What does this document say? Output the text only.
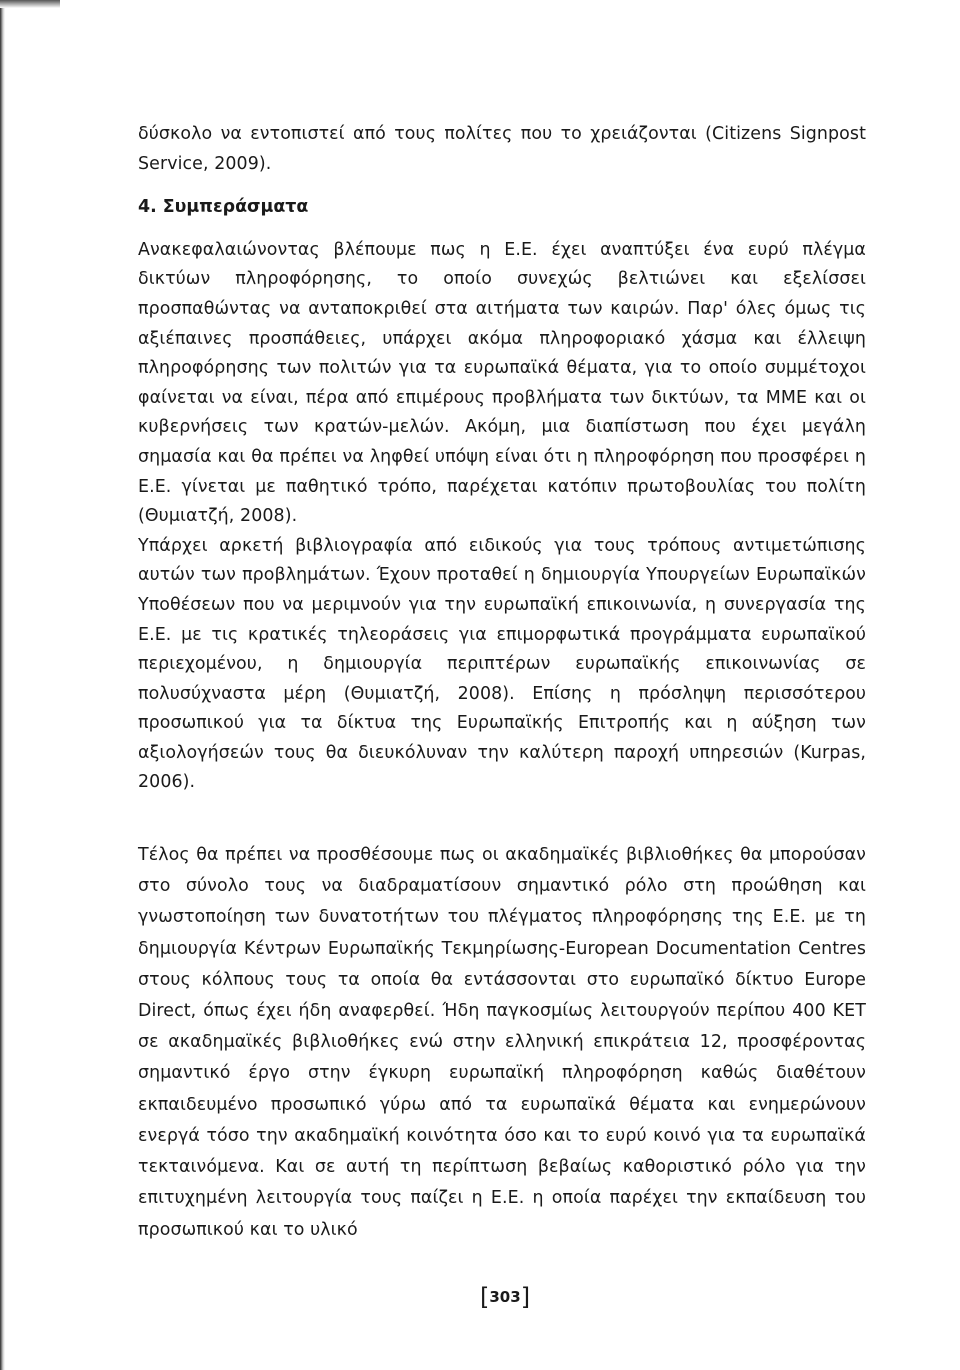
δύσκολο να εντοπιστεί από τους πολίτες που το χρειάζονται (Citizens Signpost Service, 2009).

4. Συμπεράσματα

Ανακεφαλαιώνοντας βλέπουμε πως η Ε.Ε. έχει αναπτύξει ένα ευρύ πλέγμα δικτύων πληροφόρησης, το οποίο συνεχώς βελτιώνει και εξελίσσει προσπαθώντας να ανταποκριθεί στα αιτήματα των καιρών. Παρ' όλες όμως τις αξιέπαινες προσπάθειες, υπάρχει ακόμα πληροφοριακό χάσμα και έλλειψη πληροφόρησης των πολιτών για τα ευρωπαϊκά θέματα, για το οποίο συμμέτοχοι φαίνεται να είναι, πέρα από επιμέρους προβλήματα των δικτύων, τα ΜΜΕ και οι κυβερνήσεις των κρατών-μελών. Ακόμη, μια διαπίστωση που έχει μεγάλη σημασία και θα πρέπει να ληφθεί υπόψη είναι ότι η πληροφόρηση που προσφέρει η Ε.Ε. γίνεται με παθητικό τρόπο, παρέχεται κατόπιν πρωτοβουλίας του πολίτη (Θυμιατζή, 2008).

Υπάρχει αρκετή βιβλιογραφία από ειδικούς για τους τρόπους αντιμετώπισης αυτών των προβλημάτων. Έχουν προταθεί η δημιουργία Υπουργείων Ευρωπαϊκών Υποθέσεων που να μεριμνούν για την ευρωπαϊκή επικοινωνία, η συνεργασία της Ε.Ε. με τις κρατικές τηλεοράσεις για επιμορφωτικά προγράμματα ευρωπαϊκού περιεχομένου, η δημιουργία περιπτέρων ευρωπαϊκής επικοινωνίας σε πολυσύχναστα μέρη (Θυμιατζή, 2008). Επίσης η πρόσληψη περισσότερου προσωπικού για τα δίκτυα της Ευρωπαϊκής Επιτροπής και η αύξηση των αξιολογήσεών τους θα διευκόλυναν την καλύτερη παροχή υπηρεσιών (Kurpas, 2006).

Τέλος θα πρέπει να προσθέσουμε πως οι ακαδημαϊκές βιβλιοθήκες θα μπορούσαν στο σύνολο τους να διαδραματίσουν σημαντικό ρόλο στη προώθηση και γνωστοποίηση των δυνατοτήτων του πλέγματος πληροφόρησης της Ε.Ε. με τη δημιουργία Κέντρων Ευρωπαϊκής Τεκμηρίωσης-European Documentation Centres στους κόλπους τους τα οποία θα εντάσσονται στο ευρωπαϊκό δίκτυο Europe Direct, όπως έχει ήδη αναφερθεί. Ήδη παγκοσμίως λειτουργούν περίπου 400 ΚΕΤ σε ακαδημαϊκές βιβλιοθήκες ενώ στην ελληνική επικράτεια 12, προσφέροντας σημαντικό έργο στην έγκυρη ευρωπαϊκή πληροφόρηση καθώς διαθέτουν εκπαιδευμένο προσωπικό γύρω από τα ευρωπαϊκά θέματα και ενημερώνουν ενεργά τόσο την ακαδημαϊκή κοινότητα όσο και το ευρύ κοινό για τα ευρωπαϊκά τεκταινόμενα. Και σε αυτή τη περίπτωση βεβαίως καθοριστικό ρόλο για την επιτυχημένη λειτουργία τους παίζει η Ε.Ε. η οποία παρέχει την εκπαίδευση του προσωπικού και το υλικό

[303]
